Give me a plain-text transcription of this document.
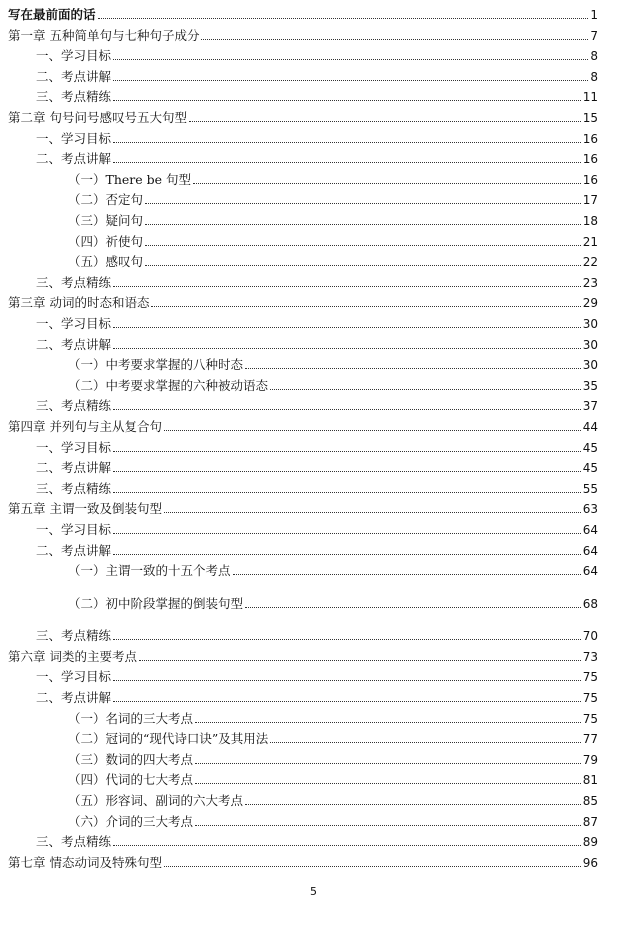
写在最前面的话	1
第一章 五种简单句与七种句子成分	7
一、学习目标	8
二、考点讲解	8
三、考点精练	11
第二章 句号问号感叹号五大句型	15
一、学习目标	16
二、考点讲解	16
（一）There be 句型	16
（二）否定句	17
（三）疑问句	18
（四）祈使句	21
（五）感叹句	22
三、考点精练	23
第三章 动词的时态和语态	29
一、学习目标	30
二、考点讲解	30
（一）中考要求掌握的八种时态	30
（二）中考要求掌握的六种被动语态	35
三、考点精练	37
第四章 并列句与主从复合句	44
一、学习目标	45
二、考点讲解	45
三、考点精练	55
第五章 主谓一致及倒装句型	63
一、学习目标	64
二、考点讲解	64
（一）主谓一致的十五个考点	64
（二）初中阶段掌握的倒装句型	68
三、考点精练	70
第六章 词类的主要考点	73
一、学习目标	75
二、考点讲解	75
（一）名词的三大考点	75
（二）冠词的“现代诗口诀”及其用法	77
（三）数词的四大考点	79
（四）代词的七大考点	81
（五）形容词、副词的六大考点	85
（六）介词的三大考点	87
三、考点精练	89
第七章 情态动词及特殊句型	96
5
